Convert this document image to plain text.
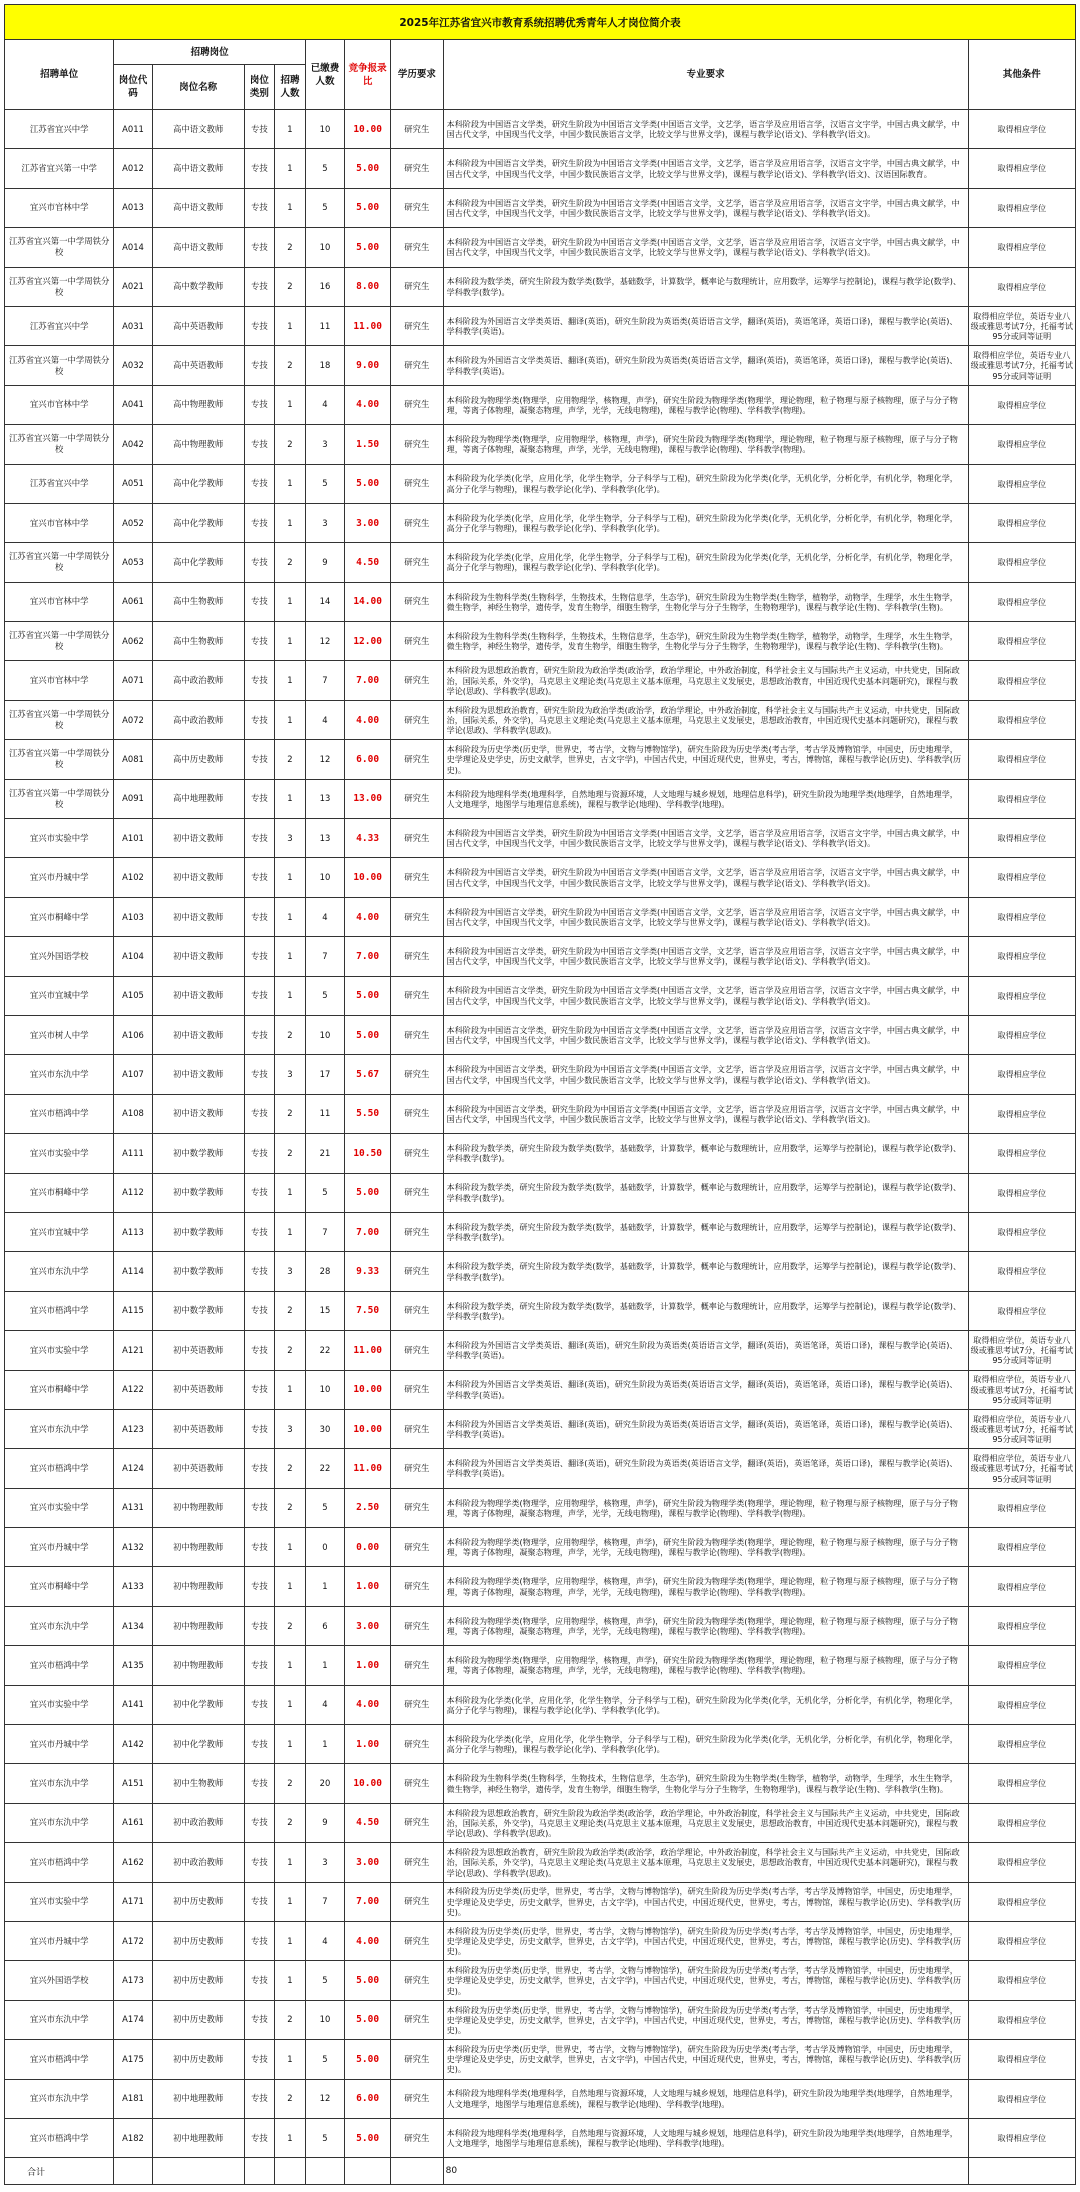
2025年江苏省宜兴市教育系统招聘优秀青年人才岗位简介表									
招聘单位	招聘岗位				已缴费人数	竞争报录比	学历要求	专业要求	其他条件
	岗位代码	岗位名称	岗位类别	招聘人数					
江苏省宜兴中学	A011	高中语文教师	专技	1	10	10.00	研究生	本科阶段为中国语言文学类，研究生阶段为中国语言文学类(中国语言文学，文艺学，语言学及应用语言学，汉语言文字学，中国古典文献学，中国古代文学，中国现当代文学，中国少数民族语言文学，比较文学与世界文学)，课程与教学论(语文)、学科教学(语文)。	取得相应学位
江苏省宜兴第一中学	A012	高中语文教师	专技	1	5	5.00	研究生	本科阶段为中国语言文学类，研究生阶段为中国语言文学类(中国语言文学，文艺学，语言学及应用语言学，汉语言文字学，中国古典文献学，中国古代文学，中国现当代文学，中国少数民族语言文学，比较文学与世界文学)，课程与教学论(语文)、学科教学(语文)、汉语国际教育。	取得相应学位
宜兴市官林中学	A013	高中语文教师	专技	1	5	5.00	研究生	本科阶段为中国语言文学类，研究生阶段为中国语言文学类(中国语言文学，文艺学，语言学及应用语言学，汉语言文字学，中国古典文献学，中国古代文学，中国现当代文学，中国少数民族语言文学，比较文学与世界文学)，课程与教学论(语文)、学科教学(语文)。	取得相应学位
江苏省宜兴第一中学周铁分校	A014	高中语文教师	专技	2	10	5.00	研究生	本科阶段为中国语言文学类，研究生阶段为中国语言文学类(中国语言文学，文艺学，语言学及应用语言学，汉语言文字学，中国古典文献学，中国古代文学，中国现当代文学，中国少数民族语言文学，比较文学与世界文学)，课程与教学论(语文)、学科教学(语文)。	取得相应学位
江苏省宜兴第一中学周铁分校	A021	高中数学教师	专技	2	16	8.00	研究生	本科阶段为数学类，研究生阶段为数学类(数学，基础数学，计算数学，概率论与数理统计，应用数学，运筹学与控制论)，课程与教学论(数学)、学科教学(数学)。	取得相应学位
江苏省宜兴中学	A031	高中英语教师	专技	1	11	11.00	研究生	本科阶段为外国语言文学类英语、翻译(英语)，研究生阶段为英语类(英语语言文学，翻译(英语)，英语笔译，英语口译)，课程与教学论(英语)、学科教学(英语)。	取得相应学位，英语专业八级或雅思考试7分，托福考试95分或同等证明
江苏省宜兴第一中学周铁分校	A032	高中英语教师	专技	2	18	9.00	研究生	本科阶段为外国语言文学类英语、翻译(英语)，研究生阶段为英语类(英语语言文学，翻译(英语)，英语笔译，英语口译)，课程与教学论(英语)、学科教学(英语)。	取得相应学位，英语专业八级或雅思考试7分，托福考试95分或同等证明
宜兴市官林中学	A041	高中物理教师	专技	1	4	4.00	研究生	本科阶段为物理学类(物理学，应用物理学，核物理，声学)，研究生阶段为物理学类(物理学，理论物理，粒子物理与原子核物理，原子与分子物理，等离子体物理，凝聚态物理，声学，光学，无线电物理)，课程与教学论(物理)、学科教学(物理)。	取得相应学位
江苏省宜兴第一中学周铁分校	A042	高中物理教师	专技	2	3	1.50	研究生	本科阶段为物理学类(物理学，应用物理学，核物理，声学)，研究生阶段为物理学类(物理学，理论物理，粒子物理与原子核物理，原子与分子物理，等离子体物理，凝聚态物理，声学，光学，无线电物理)，课程与教学论(物理)、学科教学(物理)。	取得相应学位
江苏省宜兴中学	A051	高中化学教师	专技	1	5	5.00	研究生	本科阶段为化学类(化学，应用化学，化学生物学，分子科学与工程)，研究生阶段为化学类(化学，无机化学，分析化学，有机化学，物理化学，高分子化学与物理)，课程与教学论(化学)、学科教学(化学)。	取得相应学位
宜兴市官林中学	A052	高中化学教师	专技	1	3	3.00	研究生	本科阶段为化学类(化学，应用化学，化学生物学，分子科学与工程)，研究生阶段为化学类(化学，无机化学，分析化学，有机化学，物理化学，高分子化学与物理)，课程与教学论(化学)、学科教学(化学)。	取得相应学位
江苏省宜兴第一中学周铁分校	A053	高中化学教师	专技	2	9	4.50	研究生	本科阶段为化学类(化学，应用化学，化学生物学，分子科学与工程)，研究生阶段为化学类(化学，无机化学，分析化学，有机化学，物理化学，高分子化学与物理)，课程与教学论(化学)、学科教学(化学)。	取得相应学位
宜兴市官林中学	A061	高中生物教师	专技	1	14	14.00	研究生	本科阶段为生物科学类(生物科学，生物技术，生物信息学，生态学)，研究生阶段为生物学类(生物学，植物学，动物学，生理学，水生生物学，微生物学，神经生物学，遗传学，发育生物学，细胞生物学，生物化学与分子生物学，生物物理学)，课程与教学论(生物)、学科教学(生物)。	取得相应学位
江苏省宜兴第一中学周铁分校	A062	高中生物教师	专技	1	12	12.00	研究生	本科阶段为生物科学类(生物科学，生物技术，生物信息学，生态学)，研究生阶段为生物学类(生物学，植物学，动物学，生理学，水生生物学，微生物学，神经生物学，遗传学，发育生物学，细胞生物学，生物化学与分子生物学，生物物理学)，课程与教学论(生物)、学科教学(生物)。	取得相应学位
宜兴市官林中学	A071	高中政治教师	专技	1	7	7.00	研究生	本科阶段为思想政治教育，研究生阶段为政治学类(政治学，政治学理论，中外政治制度，科学社会主义与国际共产主义运动，中共党史，国际政治，国际关系，外交学)，马克思主义理论类(马克思主义基本原理，马克思主义发展史，思想政治教育，中国近现代史基本问题研究)，课程与教学论(思政)、学科教学(思政)。	取得相应学位
江苏省宜兴第一中学周铁分校	A072	高中政治教师	专技	1	4	4.00	研究生	本科阶段为思想政治教育，研究生阶段为政治学类(政治学，政治学理论，中外政治制度，科学社会主义与国际共产主义运动，中共党史，国际政治，国际关系，外交学)，马克思主义理论类(马克思主义基本原理，马克思主义发展史，思想政治教育，中国近现代史基本问题研究)，课程与教学论(思政)、学科教学(思政)。	取得相应学位
江苏省宜兴第一中学周铁分校	A081	高中历史教师	专技	2	12	6.00	研究生	本科阶段为历史学类(历史学，世界史，考古学，文物与博物馆学)，研究生阶段为历史学类(考古学，考古学及博物馆学，中国史，历史地理学，史学理论及史学史，历史文献学，世界史，古文字学)，中国古代史，中国近现代史，世界史，考古，博物馆，课程与教学论(历史)、学科教学(历史)。	取得相应学位
江苏省宜兴第一中学周铁分校	A091	高中地理教师	专技	1	13	13.00	研究生	本科阶段为地理科学类(地理科学，自然地理与资源环境，人文地理与城乡规划，地理信息科学)，研究生阶段为地理学类(地理学，自然地理学，人文地理学，地图学与地理信息系统)，课程与教学论(地理)、学科教学(地理)。	取得相应学位
宜兴市实验中学	A101	初中语文教师	专技	3	13	4.33	研究生	本科阶段为中国语言文学类，研究生阶段为中国语言文学类(中国语言文学，文艺学，语言学及应用语言学，汉语言文字学，中国古典文献学，中国古代文学，中国现当代文学，中国少数民族语言文学，比较文学与世界文学)，课程与教学论(语文)、学科教学(语文)。	取得相应学位
宜兴市丹城中学	A102	初中语文教师	专技	1	10	10.00	研究生	本科阶段为中国语言文学类，研究生阶段为中国语言文学类(中国语言文学，文艺学，语言学及应用语言学，汉语言文字学，中国古典文献学，中国古代文学，中国现当代文学，中国少数民族语言文学，比较文学与世界文学)，课程与教学论(语文)、学科教学(语文)。	取得相应学位
宜兴市桐峰中学	A103	初中语文教师	专技	1	4	4.00	研究生	本科阶段为中国语言文学类，研究生阶段为中国语言文学类(中国语言文学，文艺学，语言学及应用语言学，汉语言文字学，中国古典文献学，中国古代文学，中国现当代文学，中国少数民族语言文学，比较文学与世界文学)，课程与教学论(语文)、学科教学(语文)。	取得相应学位
宜兴外国语学校	A104	初中语文教师	专技	1	7	7.00	研究生	本科阶段为中国语言文学类，研究生阶段为中国语言文学类(中国语言文学，文艺学，语言学及应用语言学，汉语言文字学，中国古典文献学，中国古代文学，中国现当代文学，中国少数民族语言文学，比较文学与世界文学)，课程与教学论(语文)、学科教学(语文)。	取得相应学位
宜兴市宜城中学	A105	初中语文教师	专技	1	5	5.00	研究生	本科阶段为中国语言文学类，研究生阶段为中国语言文学类(中国语言文学，文艺学，语言学及应用语言学，汉语言文字学，中国古典文献学，中国古代文学，中国现当代文学，中国少数民族语言文学，比较文学与世界文学)，课程与教学论(语文)、学科教学(语文)。	取得相应学位
宜兴市树人中学	A106	初中语文教师	专技	2	10	5.00	研究生	本科阶段为中国语言文学类，研究生阶段为中国语言文学类(中国语言文学，文艺学，语言学及应用语言学，汉语言文字学，中国古典文献学，中国古代文学，中国现当代文学，中国少数民族语言文学，比较文学与世界文学)，课程与教学论(语文)、学科教学(语文)。	取得相应学位
宜兴市东氿中学	A107	初中语文教师	专技	3	17	5.67	研究生	本科阶段为中国语言文学类，研究生阶段为中国语言文学类(中国语言文学，文艺学，语言学及应用语言学，汉语言文字学，中国古典文献学，中国古代文学，中国现当代文学，中国少数民族语言文学，比较文学与世界文学)，课程与教学论(语文)、学科教学(语文)。	取得相应学位
宜兴市梧鸿中学	A108	初中语文教师	专技	2	11	5.50	研究生	本科阶段为中国语言文学类，研究生阶段为中国语言文学类(中国语言文学，文艺学，语言学及应用语言学，汉语言文字学，中国古典文献学，中国古代文学，中国现当代文学，中国少数民族语言文学，比较文学与世界文学)，课程与教学论(语文)、学科教学(语文)。	取得相应学位
宜兴市实验中学	A111	初中数学教师	专技	2	21	10.50	研究生	本科阶段为数学类，研究生阶段为数学类(数学，基础数学，计算数学，概率论与数理统计，应用数学，运筹学与控制论)，课程与教学论(数学)、学科教学(数学)。	取得相应学位
宜兴市桐峰中学	A112	初中数学教师	专技	1	5	5.00	研究生	本科阶段为数学类，研究生阶段为数学类(数学，基础数学，计算数学，概率论与数理统计，应用数学，运筹学与控制论)，课程与教学论(数学)、学科教学(数学)。	取得相应学位
宜兴市宜城中学	A113	初中数学教师	专技	1	7	7.00	研究生	本科阶段为数学类，研究生阶段为数学类(数学，基础数学，计算数学，概率论与数理统计，应用数学，运筹学与控制论)，课程与教学论(数学)、学科教学(数学)。	取得相应学位
宜兴市东氿中学	A114	初中数学教师	专技	3	28	9.33	研究生	本科阶段为数学类，研究生阶段为数学类(数学，基础数学，计算数学，概率论与数理统计，应用数学，运筹学与控制论)，课程与教学论(数学)、学科教学(数学)。	取得相应学位
宜兴市梧鸿中学	A115	初中数学教师	专技	2	15	7.50	研究生	本科阶段为数学类，研究生阶段为数学类(数学，基础数学，计算数学，概率论与数理统计，应用数学，运筹学与控制论)，课程与教学论(数学)、学科教学(数学)。	取得相应学位
宜兴市实验中学	A121	初中英语教师	专技	2	22	11.00	研究生	本科阶段为外国语言文学类英语、翻译(英语)，研究生阶段为英语类(英语语言文学，翻译(英语)，英语笔译，英语口译)，课程与教学论(英语)、学科教学(英语)。	取得相应学位，英语专业八级或雅思考试7分，托福考试95分或同等证明
宜兴市桐峰中学	A122	初中英语教师	专技	1	10	10.00	研究生	本科阶段为外国语言文学类英语、翻译(英语)，研究生阶段为英语类(英语语言文学，翻译(英语)，英语笔译，英语口译)，课程与教学论(英语)、学科教学(英语)。	取得相应学位，英语专业八级或雅思考试7分，托福考试95分或同等证明
宜兴市东氿中学	A123	初中英语教师	专技	3	30	10.00	研究生	本科阶段为外国语言文学类英语、翻译(英语)，研究生阶段为英语类(英语语言文学，翻译(英语)，英语笔译，英语口译)，课程与教学论(英语)、学科教学(英语)。	取得相应学位，英语专业八级或雅思考试7分，托福考试95分或同等证明
宜兴市梧鸿中学	A124	初中英语教师	专技	2	22	11.00	研究生	本科阶段为外国语言文学类英语、翻译(英语)，研究生阶段为英语类(英语语言文学，翻译(英语)，英语笔译，英语口译)，课程与教学论(英语)、学科教学(英语)。	取得相应学位，英语专业八级或雅思考试7分，托福考试95分或同等证明
宜兴市实验中学	A131	初中物理教师	专技	2	5	2.50	研究生	本科阶段为物理学类(物理学，应用物理学，核物理，声学)，研究生阶段为物理学类(物理学，理论物理，粒子物理与原子核物理，原子与分子物理，等离子体物理，凝聚态物理，声学，光学，无线电物理)，课程与教学论(物理)、学科教学(物理)。	取得相应学位
宜兴市丹城中学	A132	初中物理教师	专技	1	0	0.00	研究生	本科阶段为物理学类(物理学，应用物理学，核物理，声学)，研究生阶段为物理学类(物理学，理论物理，粒子物理与原子核物理，原子与分子物理，等离子体物理，凝聚态物理，声学，光学，无线电物理)，课程与教学论(物理)、学科教学(物理)。	取得相应学位
宜兴市桐峰中学	A133	初中物理教师	专技	1	1	1.00	研究生	本科阶段为物理学类(物理学，应用物理学，核物理，声学)，研究生阶段为物理学类(物理学，理论物理，粒子物理与原子核物理，原子与分子物理，等离子体物理，凝聚态物理，声学，光学，无线电物理)，课程与教学论(物理)、学科教学(物理)。	取得相应学位
宜兴市东氿中学	A134	初中物理教师	专技	2	6	3.00	研究生	本科阶段为物理学类(物理学，应用物理学，核物理，声学)，研究生阶段为物理学类(物理学，理论物理，粒子物理与原子核物理，原子与分子物理，等离子体物理，凝聚态物理，声学，光学，无线电物理)，课程与教学论(物理)、学科教学(物理)。	取得相应学位
宜兴市梧鸿中学	A135	初中物理教师	专技	1	1	1.00	研究生	本科阶段为物理学类(物理学，应用物理学，核物理，声学)，研究生阶段为物理学类(物理学，理论物理，粒子物理与原子核物理，原子与分子物理，等离子体物理，凝聚态物理，声学，光学，无线电物理)，课程与教学论(物理)、学科教学(物理)。	取得相应学位
宜兴市实验中学	A141	初中化学教师	专技	1	4	4.00	研究生	本科阶段为化学类(化学，应用化学，化学生物学，分子科学与工程)，研究生阶段为化学类(化学，无机化学，分析化学，有机化学，物理化学，高分子化学与物理)，课程与教学论(化学)、学科教学(化学)。	取得相应学位
宜兴市丹城中学	A142	初中化学教师	专技	1	1	1.00	研究生	本科阶段为化学类(化学，应用化学，化学生物学，分子科学与工程)，研究生阶段为化学类(化学，无机化学，分析化学，有机化学，物理化学，高分子化学与物理)，课程与教学论(化学)、学科教学(化学)。	取得相应学位
宜兴市东氿中学	A151	初中生物教师	专技	2	20	10.00	研究生	本科阶段为生物科学类(生物科学，生物技术，生物信息学，生态学)，研究生阶段为生物学类(生物学，植物学，动物学，生理学，水生生物学，微生物学，神经生物学，遗传学，发育生物学，细胞生物学，生物化学与分子生物学，生物物理学)，课程与教学论(生物)、学科教学(生物)。	取得相应学位
宜兴市东氿中学	A161	初中政治教师	专技	2	9	4.50	研究生	本科阶段为思想政治教育，研究生阶段为政治学类(政治学，政治学理论，中外政治制度，科学社会主义与国际共产主义运动，中共党史，国际政治，国际关系，外交学)，马克思主义理论类(马克思主义基本原理，马克思主义发展史，思想政治教育，中国近现代史基本问题研究)，课程与教学论(思政)、学科教学(思政)。	取得相应学位
宜兴市梧鸿中学	A162	初中政治教师	专技	1	3	3.00	研究生	本科阶段为思想政治教育，研究生阶段为政治学类(政治学，政治学理论，中外政治制度，科学社会主义与国际共产主义运动，中共党史，国际政治，国际关系，外交学)，马克思主义理论类(马克思主义基本原理，马克思主义发展史，思想政治教育，中国近现代史基本问题研究)，课程与教学论(思政)、学科教学(思政)。	取得相应学位
宜兴市实验中学	A171	初中历史教师	专技	1	7	7.00	研究生	本科阶段为历史学类(历史学，世界史，考古学，文物与博物馆学)，研究生阶段为历史学类(考古学，考古学及博物馆学，中国史，历史地理学，史学理论及史学史，历史文献学，世界史，古文字学)，中国古代史，中国近现代史，世界史，考古，博物馆，课程与教学论(历史)、学科教学(历史)。	取得相应学位
宜兴市丹城中学	A172	初中历史教师	专技	1	4	4.00	研究生	本科阶段为历史学类(历史学，世界史，考古学，文物与博物馆学)，研究生阶段为历史学类(考古学，考古学及博物馆学，中国史，历史地理学，史学理论及史学史，历史文献学，世界史，古文字学)，中国古代史，中国近现代史，世界史，考古，博物馆，课程与教学论(历史)、学科教学(历史)。	取得相应学位
宜兴外国语学校	A173	初中历史教师	专技	1	5	5.00	研究生	本科阶段为历史学类(历史学，世界史，考古学，文物与博物馆学)，研究生阶段为历史学类(考古学，考古学及博物馆学，中国史，历史地理学，史学理论及史学史，历史文献学，世界史，古文字学)，中国古代史，中国近现代史，世界史，考古，博物馆，课程与教学论(历史)、学科教学(历史)。	取得相应学位
宜兴市东氿中学	A174	初中历史教师	专技	2	10	5.00	研究生	本科阶段为历史学类(历史学，世界史，考古学，文物与博物馆学)，研究生阶段为历史学类(考古学，考古学及博物馆学，中国史，历史地理学，史学理论及史学史，历史文献学，世界史，古文字学)，中国古代史，中国近现代史，世界史，考古，博物馆，课程与教学论(历史)、学科教学(历史)。	取得相应学位
宜兴市梧鸿中学	A175	初中历史教师	专技	1	5	5.00	研究生	本科阶段为历史学类(历史学，世界史，考古学，文物与博物馆学)，研究生阶段为历史学类(考古学，考古学及博物馆学，中国史，历史地理学，史学理论及史学史，历史文献学，世界史，古文字学)，中国古代史，中国近现代史，世界史，考古，博物馆，课程与教学论(历史)、学科教学(历史)。	取得相应学位
宜兴市东氿中学	A181	初中地理教师	专技	2	12	6.00	研究生	本科阶段为地理科学类(地理科学，自然地理与资源环境，人文地理与城乡规划，地理信息科学)，研究生阶段为地理学类(地理学，自然地理学，人文地理学，地图学与地理信息系统)，课程与教学论(地理)、学科教学(地理)。	取得相应学位
宜兴市梧鸿中学	A182	初中地理教师	专技	1	5	5.00	研究生	本科阶段为地理科学类(地理科学，自然地理与资源环境，人文地理与城乡规划，地理信息科学)，研究生阶段为地理学类(地理学，自然地理学，人文地理学，地图学与地理信息系统)，课程与教学论(地理)、学科教学(地理)。	取得相应学位
合计								80	
